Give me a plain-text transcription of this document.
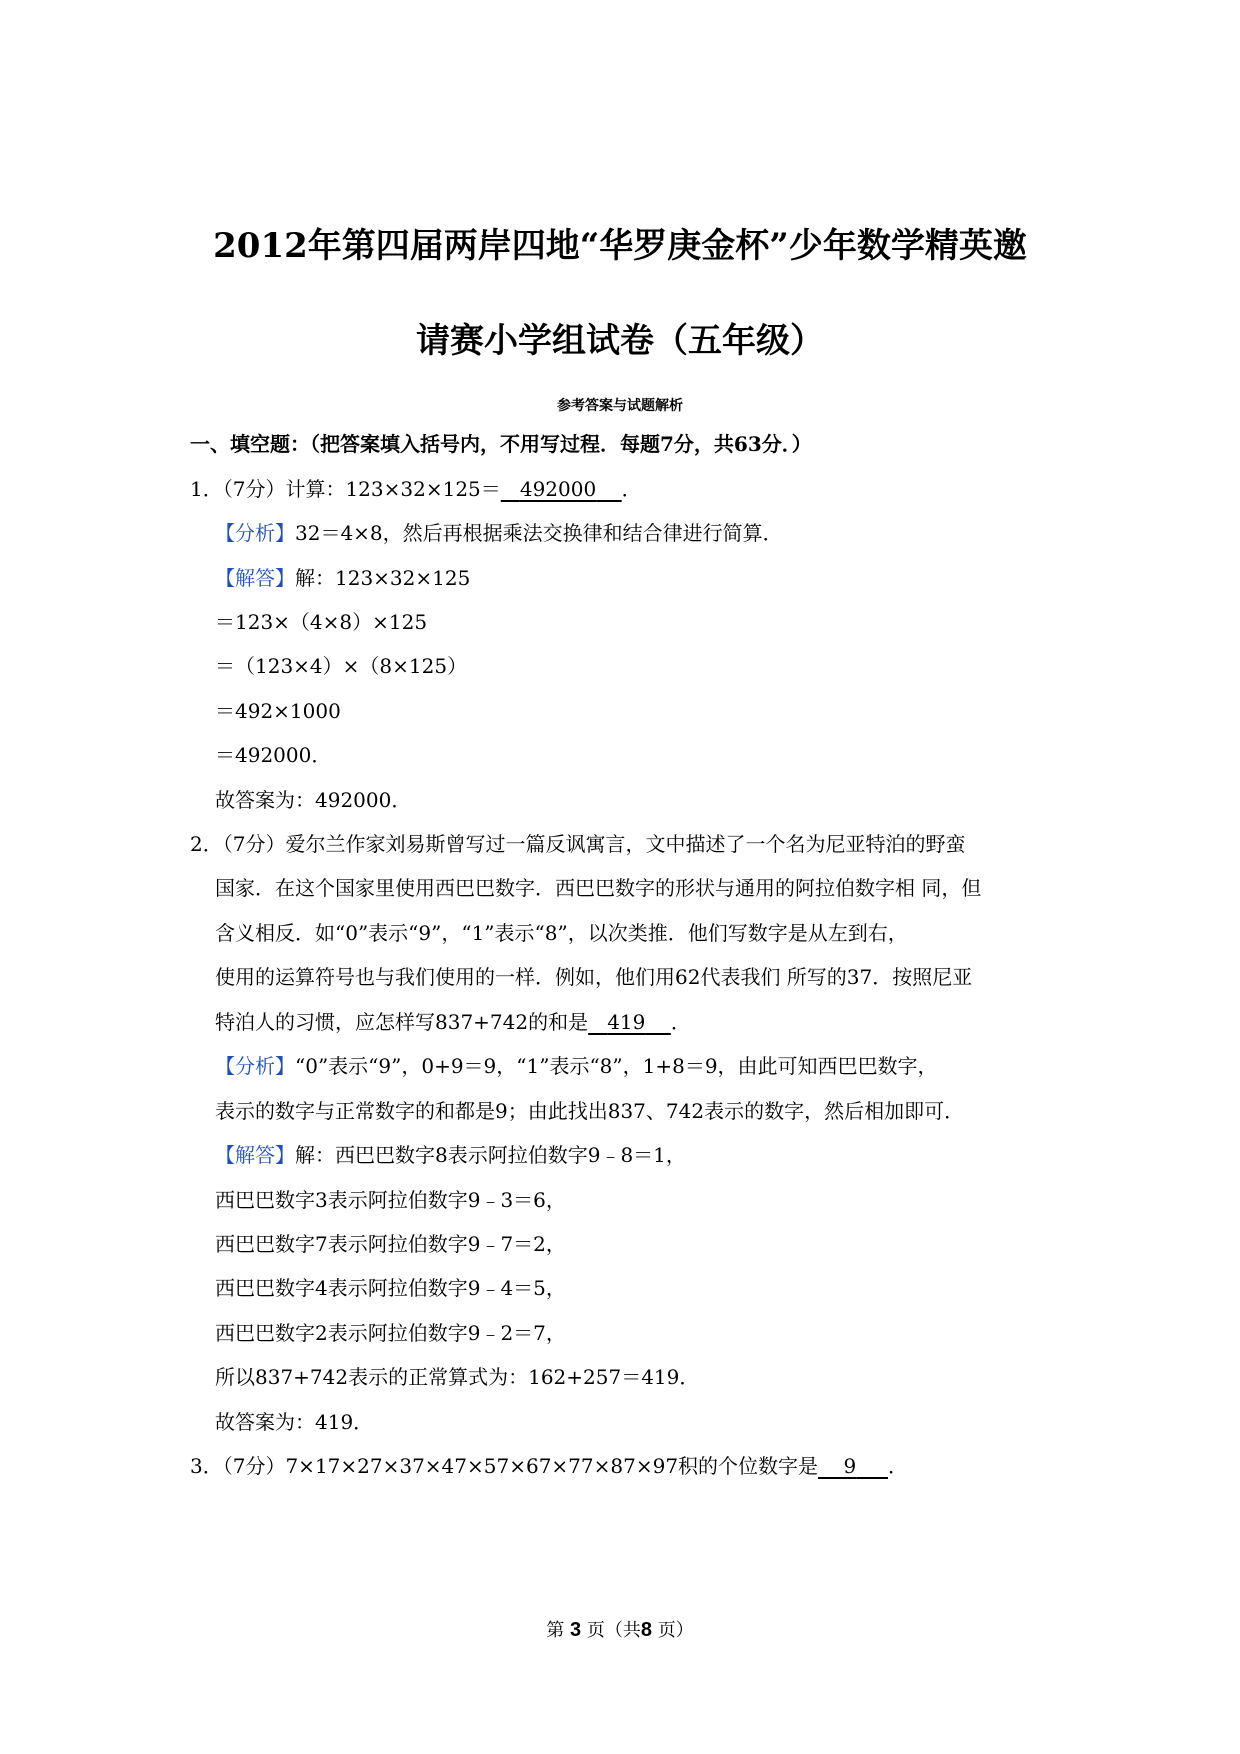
2012年第四届两岸四地“华罗庚金杯”少年数学精英邀
请赛小学组试卷（五年级）
参考答案与试题解析
一、填空题：（把答案填入括号内，不用写过程．每题7分，共63分．）
1．（7分）计算：123×32×125＝ 492000 ．
【分析】32＝4×8，然后再根据乘法交换律和结合律进行简算．
【解答】解：123×32×125
＝123×（4×8）×125
＝（123×4）×（8×125）
＝492×1000
＝492000．
故答案为：492000．
2．（7分）爱尔兰作家刘易斯曾写过一篇反讽寓言，文中描述了一个名为尼亚特泊的野蛮
国家．在这个国家里使用西巴巴数字．西巴巴数字的形状与通用的阿拉伯数字相 同，但
含义相反．如“0”表示“9”，“1”表示“8”，以次类推．他们写数字是从左到右，
使用的运算符号也与我们使用的一样．例如，他们用62代表我们 所写的37．按照尼亚
特泊人的习惯，应怎样写837+742的和是 419 ．
【分析】“0”表示“9”，0+9＝9，“1”表示“8”，1+8＝9，由此可知西巴巴数字，
表示的数字与正常数字的和都是9；由此找出837、742表示的数字，然后相加即可．
【解答】解：西巴巴数字8表示阿拉伯数字9﹣8＝1，
西巴巴数字3表示阿拉伯数字9﹣3＝6，
西巴巴数字7表示阿拉伯数字9﹣7＝2，
西巴巴数字4表示阿拉伯数字9﹣4＝5，
西巴巴数字2表示阿拉伯数字9﹣2＝7，
所以837+742表示的正常算式为：162+257＝419．
故答案为：419．
3．（7分）7×17×27×37×47×57×67×77×87×97积的个位数字是 9 ．
第 3 页（共8 页）
